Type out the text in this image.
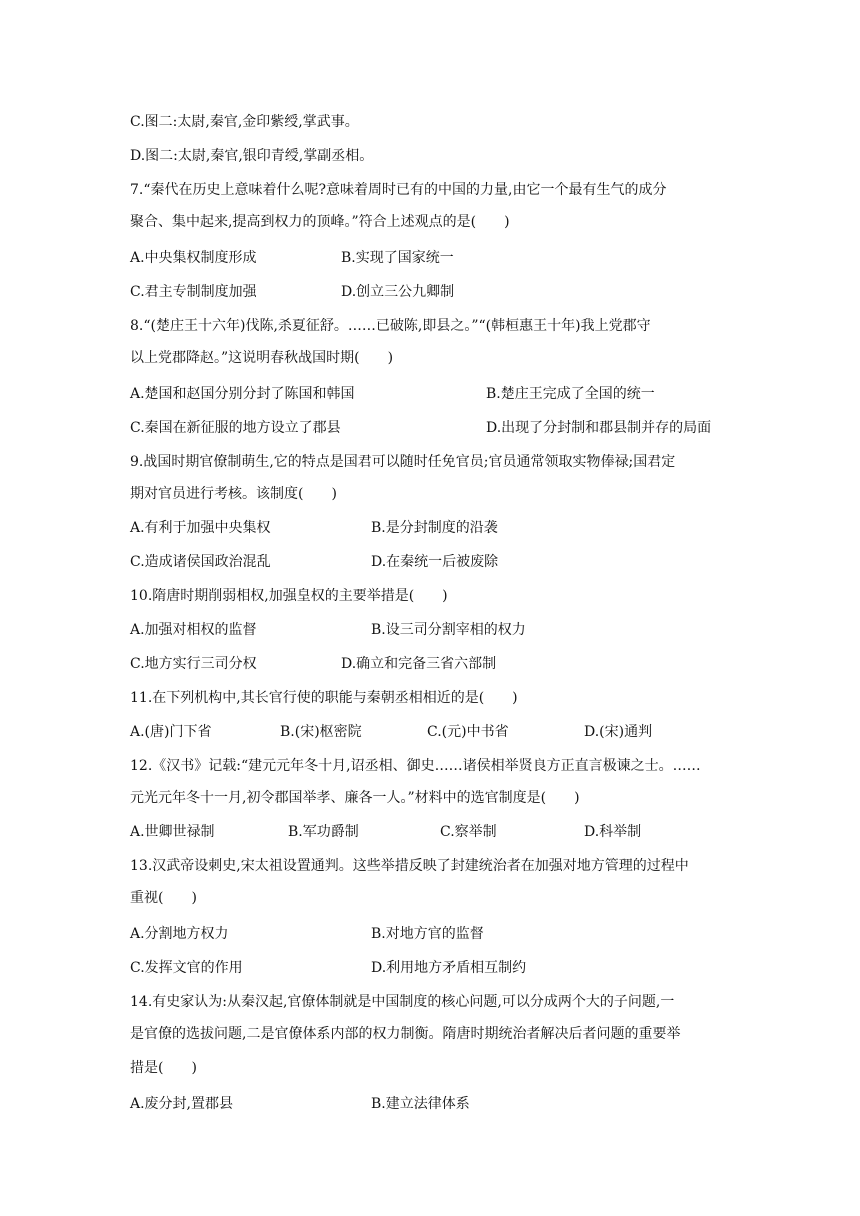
C.图二:太尉,秦官,金印紫绶,掌武事。
D.图二:太尉,秦官,银印青绶,掌副丞相。
7.“秦代在历史上意味着什么呢?意味着周时已有的中国的力量,由它一个最有生气的成分
聚合、集中起来,提高到权力的顶峰。”符合上述观点的是(　　)
A.中央集权制度形成	B.实现了国家统一
C.君主专制制度加强	D.创立三公九卿制
8.“(楚庄王十六年)伐陈,杀夏征舒。……已破陈,即县之。”“(韩桓惠王十年)我上党郡守
以上党郡降赵。”这说明春秋战国时期(　　)
A.楚国和赵国分别分封了陈国和韩国	B.楚庄王完成了全国的统一
C.秦国在新征服的地方设立了郡县	D.出现了分封制和郡县制并存的局面
9.战国时期官僚制萌生,它的特点是国君可以随时任免官员;官员通常领取实物俸禄;国君定
期对官员进行考核。该制度(　　)
A.有利于加强中央集权	B.是分封制度的沿袭
C.造成诸侯国政治混乱	D.在秦统一后被废除
10.隋唐时期削弱相权,加强皇权的主要举措是(　　)
A.加强对相权的监督	B.设三司分割宰相的权力
C.地方实行三司分权	D.确立和完备三省六部制
11.在下列机构中,其长官行使的职能与秦朝丞相相近的是(　　)
A.(唐)门下省	B.(宋)枢密院	C.(元)中书省	D.(宋)通判
12.《汉书》记载:“建元元年冬十月,诏丞相、御史……诸侯相举贤良方正直言极谏之士。……
元光元年冬十一月,初令郡国举孝、廉各一人。”材料中的选官制度是(　　)
A.世卿世禄制	B.军功爵制	C.察举制	D.科举制
13.汉武帝设刺史,宋太祖设置通判。这些举措反映了封建统治者在加强对地方管理的过程中
重视(　　)
A.分割地方权力	B.对地方官的监督
C.发挥文官的作用	D.利用地方矛盾相互制约
14.有史家认为:从秦汉起,官僚体制就是中国制度的核心问题,可以分成两个大的子问题,一
是官僚的选拔问题,二是官僚体系内部的权力制衡。隋唐时期统治者解决后者问题的重要举
措是(　　)
A.废分封,置郡县	B.建立法律体系
